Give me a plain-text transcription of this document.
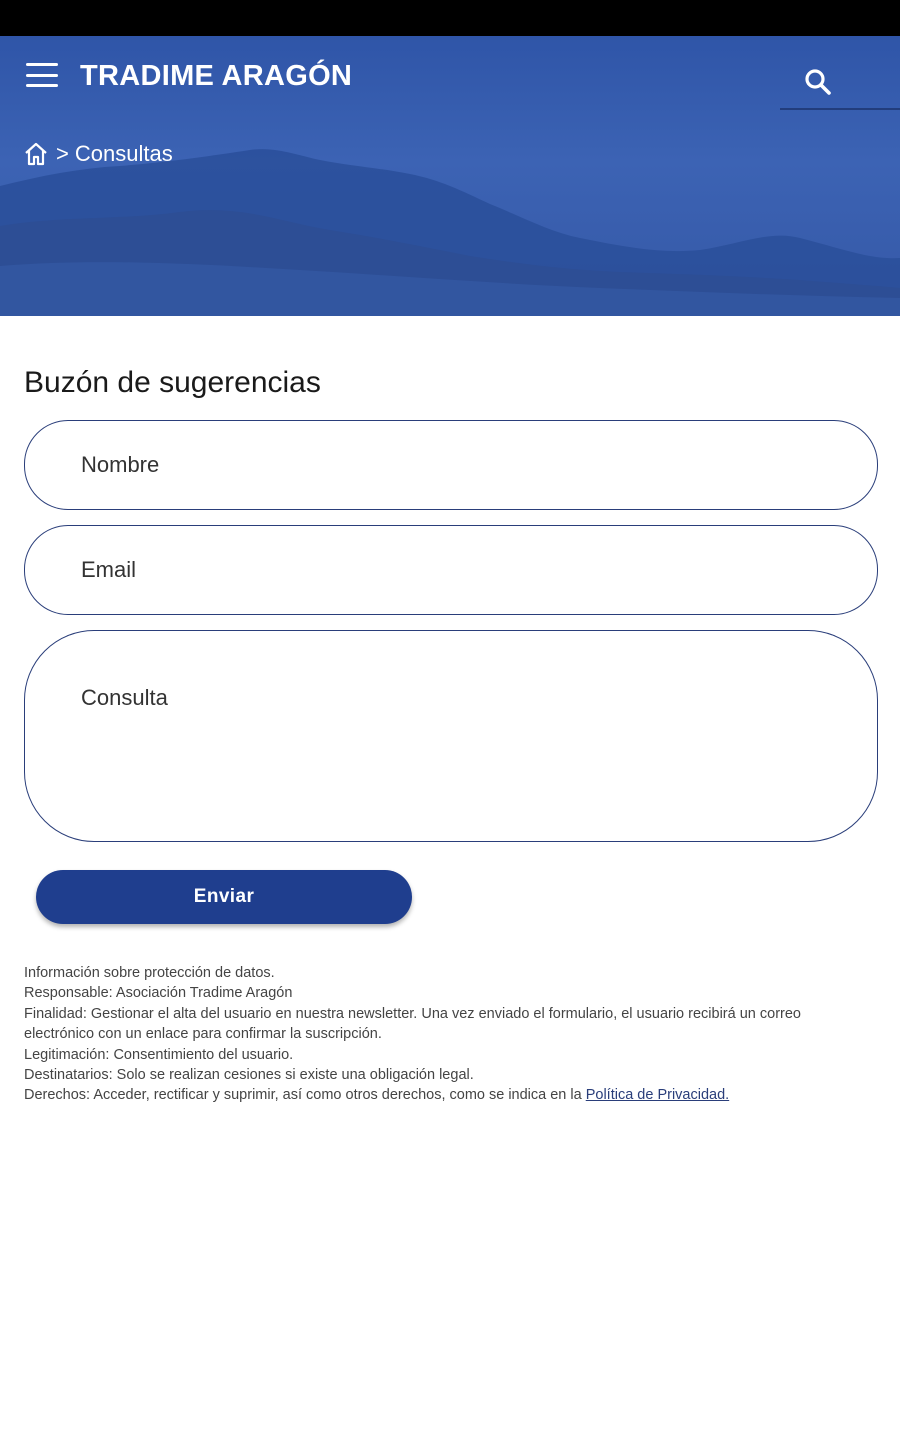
TRADIME ARAGÓN
> Consultas
Buzón de sugerencias
Nombre
Email
Consulta
Enviar
Información sobre protección de datos.
Responsable: Asociación Tradime Aragón
Finalidad: Gestionar el alta del usuario en nuestra newsletter. Una vez enviado el formulario, el usuario recibirá un correo electrónico con un enlace para confirmar la suscripción.
Legitimación: Consentimiento del usuario.
Destinatarios: Solo se realizan cesiones si existe una obligación legal.
Derechos: Acceder, rectificar y suprimir, así como otros derechos, como se indica en la Política de Privacidad.
